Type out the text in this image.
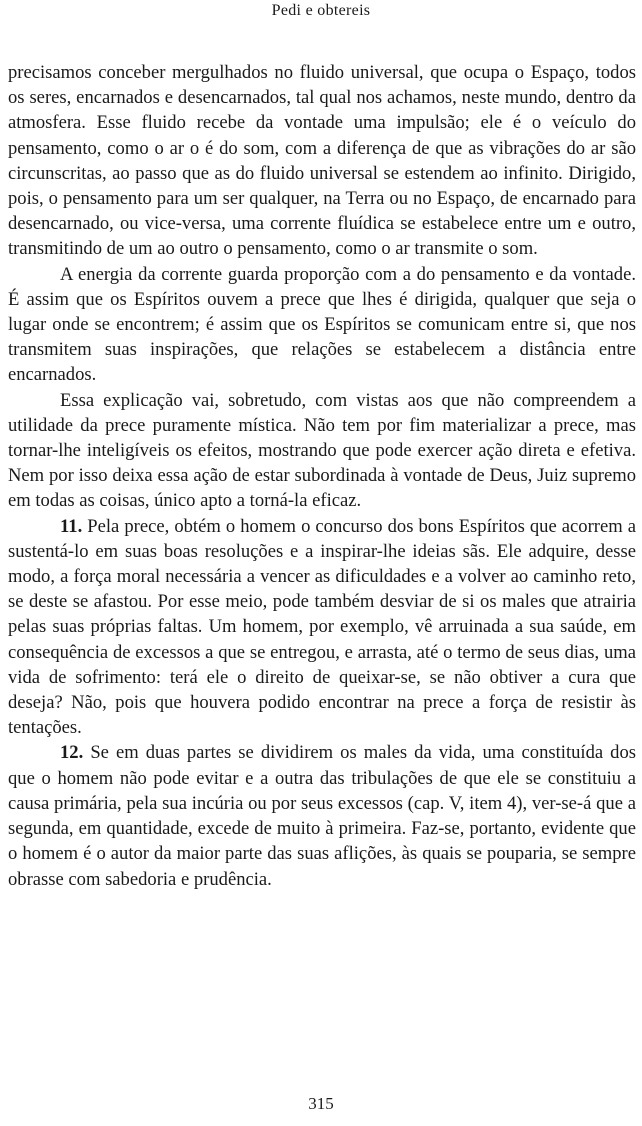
Pedi e obtereis

precisamos conceber mergulhados no fluido universal, que ocupa o Espaço, todos os seres, encarnados e desencarnados, tal qual nos achamos, neste mundo, dentro da atmosfera. Esse fluido recebe da vontade uma impulsão; ele é o veículo do pensamento, como o ar o é do som, com a diferença de que as vibrações do ar são circunscritas, ao passo que as do fluido universal se estendem ao infinito. Dirigido, pois, o pensamento para um ser qualquer, na Terra ou no Espaço, de encarnado para desencarnado, ou vice-versa, uma corrente fluídica se estabelece entre um e outro, transmitindo de um ao outro o pensamento, como o ar transmite o som.

A energia da corrente guarda proporção com a do pensamento e da vontade. É assim que os Espíritos ouvem a prece que lhes é dirigida, qualquer que seja o lugar onde se encontrem; é assim que os Espíritos se comunicam entre si, que nos transmitem suas inspirações, que relações se estabelecem a distância entre encarnados.

Essa explicação vai, sobretudo, com vistas aos que não compreendem a utilidade da prece puramente mística. Não tem por fim materializar a prece, mas tornar-lhe inteligíveis os efeitos, mostrando que pode exercer ação direta e efetiva. Nem por isso deixa essa ação de estar subordinada à vontade de Deus, Juiz supremo em todas as coisas, único apto a torná-la eficaz.

11. Pela prece, obtém o homem o concurso dos bons Espíritos que acorrem a sustentá-lo em suas boas resoluções e a inspirar-lhe ideias sãs. Ele adquire, desse modo, a força moral necessária a vencer as dificuldades e a volver ao caminho reto, se deste se afastou. Por esse meio, pode também desviar de si os males que atrairia pelas suas próprias faltas. Um homem, por exemplo, vê arruinada a sua saúde, em consequência de excessos a que se entregou, e arrasta, até o termo de seus dias, uma vida de sofrimento: terá ele o direito de queixar-se, se não obtiver a cura que deseja? Não, pois que houvera podido encontrar na prece a força de resistir às tentações.

12. Se em duas partes se dividirem os males da vida, uma constituída dos que o homem não pode evitar e a outra das tribulações de que ele se constituiu a causa primária, pela sua incúria ou por seus excessos (cap. V, item 4), ver-se-á que a segunda, em quantidade, excede de muito à primeira. Faz-se, portanto, evidente que o homem é o autor da maior parte das suas aflições, às quais se pouparia, se sempre obrasse com sabedoria e prudência.

315
